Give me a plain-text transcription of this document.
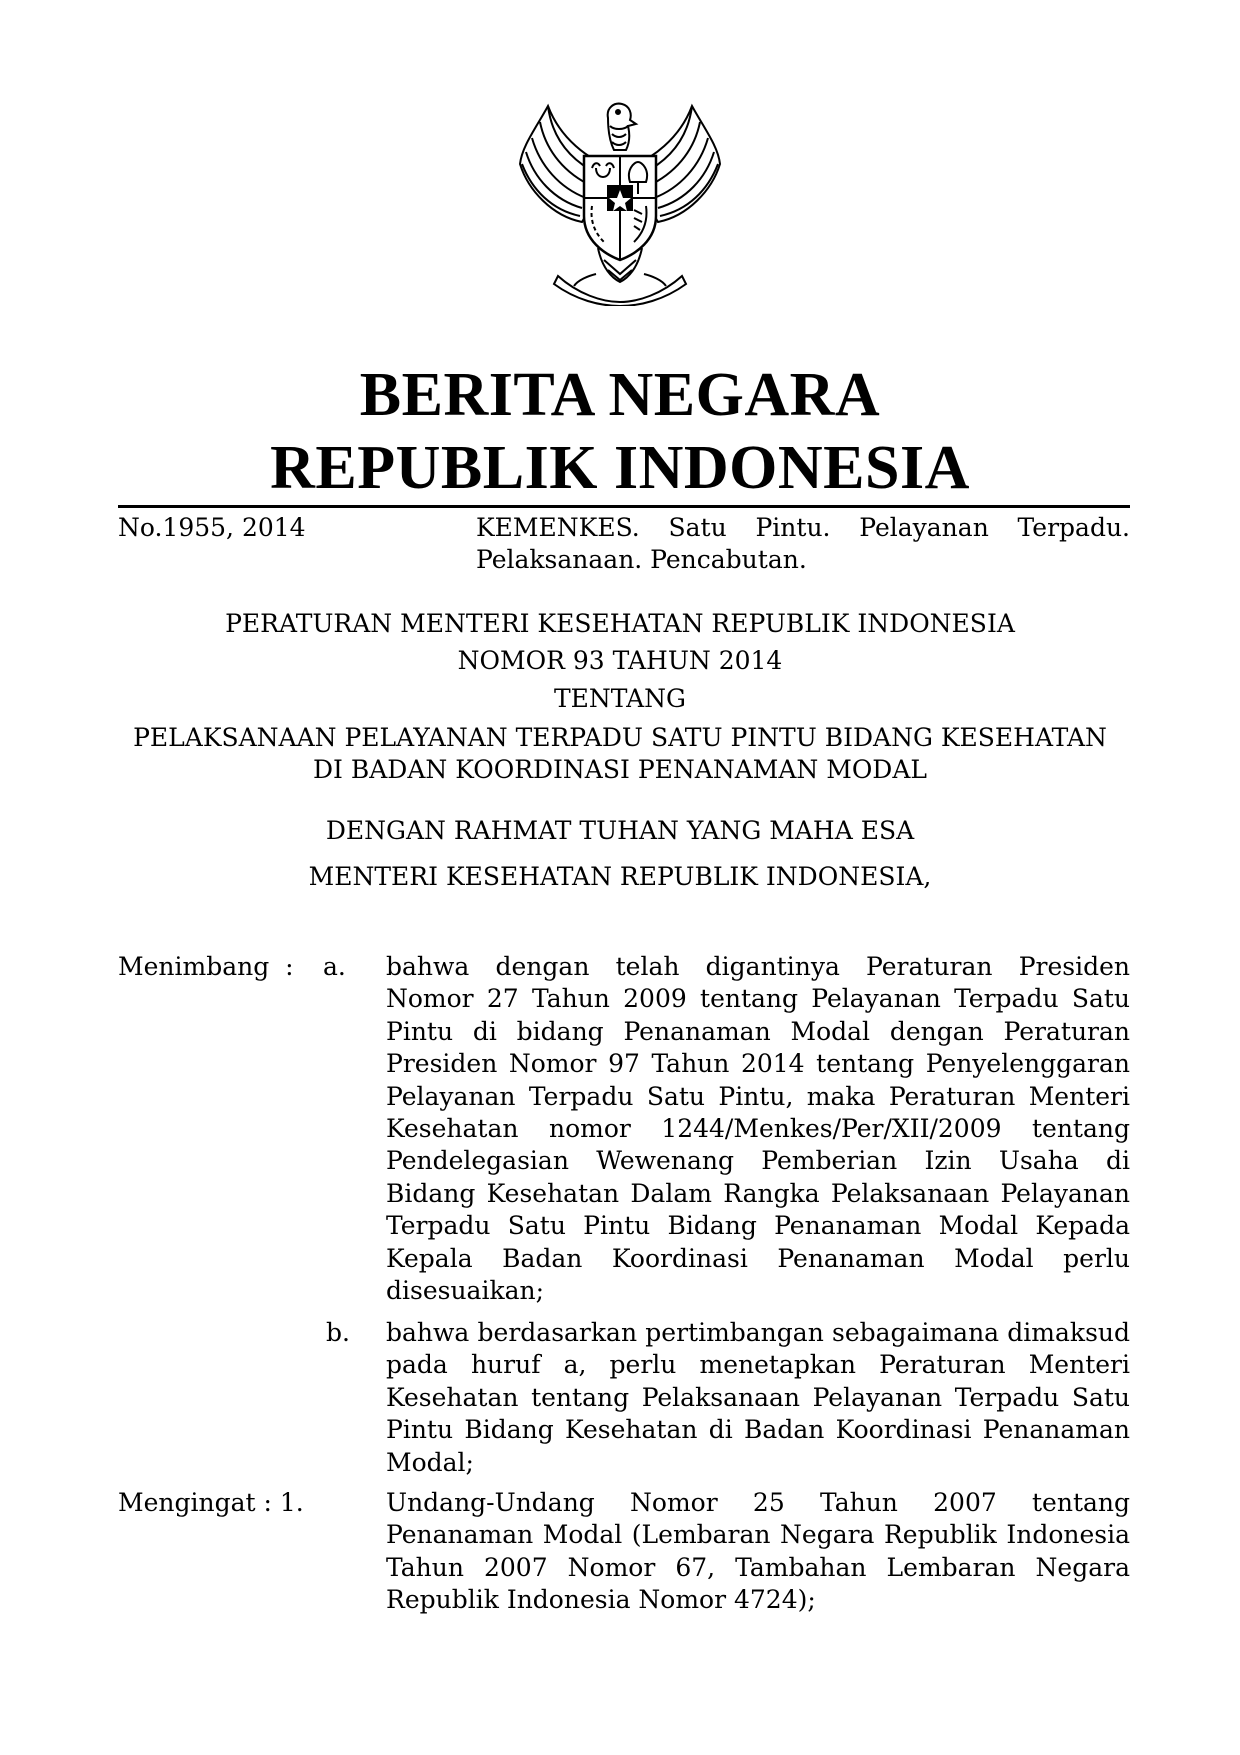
BERITA NEGARA
REPUBLIK INDONESIA
No.1955, 2014	KEMENKES. Satu Pintu. Pelayanan Terpadu. Pelaksanaan. Pencabutan.
PERATURAN MENTERI KESEHATAN REPUBLIK INDONESIA
NOMOR 93 TAHUN 2014
TENTANG
PELAKSANAAN PELAYANAN TERPADU SATU PINTU BIDANG KESEHATAN
DI BADAN KOORDINASI PENANAMAN MODAL
DENGAN RAHMAT TUHAN YANG MAHA ESA
MENTERI KESEHATAN REPUBLIK INDONESIA,
Menimbang  : a. bahwa dengan telah digantinya Peraturan Presiden Nomor 27 Tahun 2009 tentang Pelayanan Terpadu Satu Pintu di bidang Penanaman Modal dengan Peraturan Presiden Nomor 97 Tahun 2014 tentang Penyelenggaran Pelayanan Terpadu Satu Pintu, maka Peraturan Menteri Kesehatan nomor 1244/Menkes/Per/XII/2009 tentang Pendelegasian Wewenang Pemberian Izin Usaha di Bidang Kesehatan Dalam Rangka Pelaksanaan Pelayanan Terpadu Satu Pintu Bidang Penanaman Modal Kepada Kepala Badan Koordinasi Penanaman Modal perlu disesuaikan;
b. bahwa berdasarkan pertimbangan sebagaimana dimaksud pada huruf a, perlu menetapkan Peraturan Menteri Kesehatan tentang Pelaksanaan Pelayanan Terpadu Satu Pintu Bidang Kesehatan di Badan Koordinasi Penanaman Modal;
Mengingat : 1.	Undang-Undang Nomor 25 Tahun 2007 tentang Penanaman Modal (Lembaran Negara Republik Indonesia Tahun 2007 Nomor 67, Tambahan Lembaran Negara Republik Indonesia Nomor 4724);
